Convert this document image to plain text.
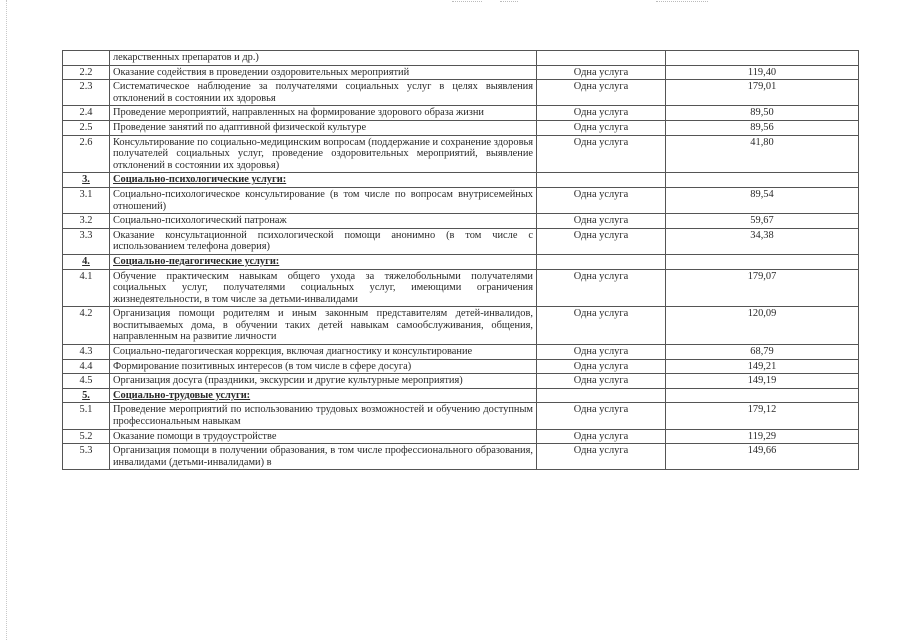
	лекарственных препаратов и др.)		
2.2	Оказание содействия в проведении оздоровительных мероприятий	Одна услуга	119,40
2.3	Систематическое наблюдение за получателями социальных услуг в целях выявления отклонений в состоянии их здоровья	Одна услуга	179,01
2.4	Проведение мероприятий, направленных на формирование здорового образа жизни	Одна услуга	89,50
2.5	Проведение занятий по адаптивной физической культуре	Одна услуга	89,56
2.6	Консультирование по социально-медицинским вопросам (поддержание и сохранение здоровья получателей социальных услуг, проведение оздоровительных мероприятий, выявление отклонений в состоянии их здоровья)	Одна услуга	41,80
3.	Социально-психологические услуги:		
3.1	Социально-психологическое консультирование (в том числе по вопросам внутрисемейных отношений)	Одна услуга	89,54
3.2	Социально-психологический патронаж	Одна услуга	59,67
3.3	Оказание консультационной психологической помощи анонимно (в том числе с использованием телефона доверия)	Одна услуга	34,38
4.	Социально-педагогические услуги:		
4.1	Обучение практическим навыкам общего ухода за тяжелобольными получателями социальных услуг, получателями социальных услуг, имеющими ограничения жизнедеятельности, в том числе за детьми-инвалидами	Одна услуга	179,07
4.2	Организация помощи родителям и иным законным представителям детей-инвалидов, воспитываемых дома, в обучении таких детей навыкам самообслуживания, общения, направленным на развитие личности	Одна услуга	120,09
4.3	Социально-педагогическая коррекция, включая диагностику и консультирование	Одна услуга	68,79
4.4	Формирование позитивных интересов (в том числе в сфере досуга)	Одна услуга	149,21
4.5	Организация досуга (праздники, экскурсии и другие культурные мероприятия)	Одна услуга	149,19
5.	Социально-трудовые услуги:		
5.1	Проведение мероприятий по использованию трудовых возможностей и обучению доступным профессиональным навыкам	Одна услуга	179,12
5.2	Оказание помощи в трудоустройстве	Одна услуга	119,29
5.3	Организация помощи в получении образования, в том числе профессионального образования, инвалидами (детьми-инвалидами) в	Одна услуга	149,66
